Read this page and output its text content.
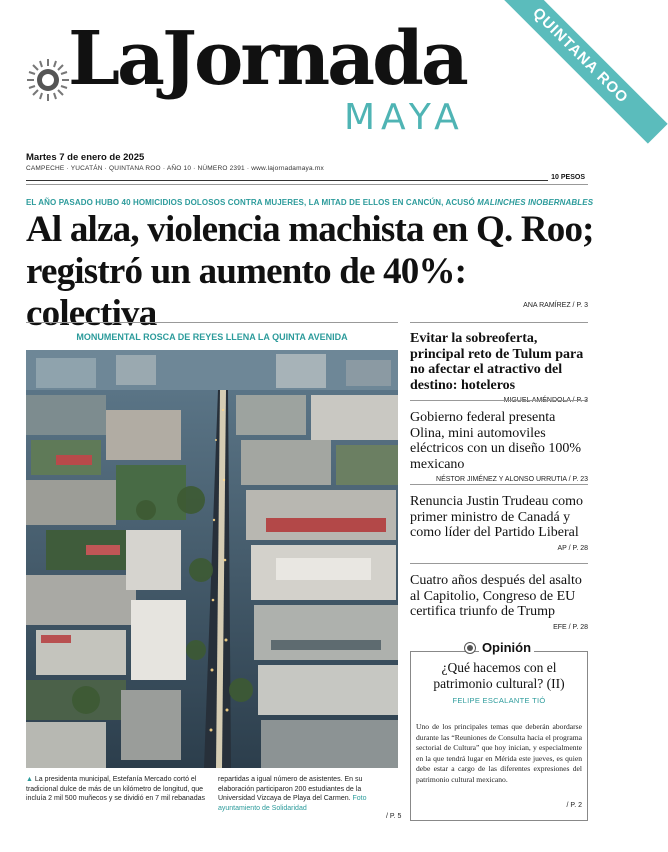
LaJornada
MAYA
QUINTANA ROO
Martes 7 de enero de 2025
CAMPECHE · YUCATÁN · QUINTANA ROO · AÑO 10 · NÚMERO 2391 · www.lajornadamaya.mx
10 PESOS
EL AÑO PASADO HUBO 40 HOMICIDIOS DOLOSOS CONTRA MUJERES, LA MITAD DE ELLOS EN CANCÚN, ACUSÓ MALINCHES INOBERNABLES
Al alza, violencia machista en Q. Roo; registró un aumento de 40%: colectiva	ANA RAMÍREZ / P. 3
MONUMENTAL ROSCA DE REYES LLENA LA QUINTA AVENIDA
▲ La presidenta municipal, Estefanía Mercado cortó el tradicional dulce de más de un kilómetro de longitud, que incluía 2 mil 500 muñecos y se dividió en 7 mil rebanadas
repartidas a igual número de asistentes. En su elaboración participaron 200 estudiantes de la Universidad Vizcaya de Playa del Carmen. Foto ayuntamiento de Solidaridad
/ P. 5
Evitar la sobreoferta, principal reto de Tulum para no afectar el atractivo del destino: hoteleros
MIGUEL AMÉNDOLA / P. 3
Gobierno federal presenta Olina, mini automoviles eléctricos con un diseño 100% mexicano
NÉSTOR JIMÉNEZ Y ALONSO URRUTIA / P. 23
Renuncia Justin Trudeau como primer ministro de Canadá y como líder del Partido Liberal
AP / P. 28
Cuatro años después del asalto al Capitolio, Congreso de EU certifica triunfo de Trump
EFE / P. 28
Opinión
¿Qué hacemos con el patrimonio cultural? (II)
FELIPE ESCALANTE TIÓ
Uno de los principales temas que deberán abordarse durante las “Reuniones de Consulta hacia el programa sectorial de Cultura” que hoy inician, y especialmente en la que tendrá lugar en Mérida este jueves, es quien debe estar a cargo de las diferentes expresiones del patrimonio cultural mexicano.
/ P. 2
